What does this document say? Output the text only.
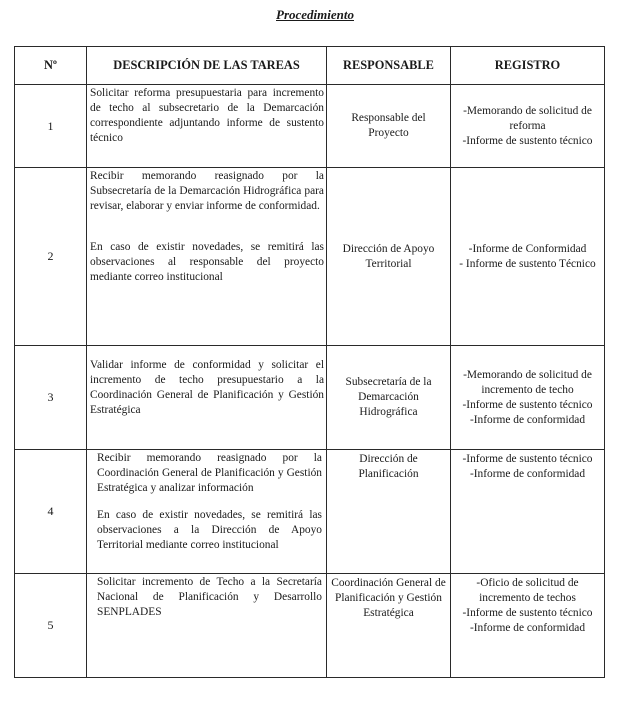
Procedimiento
Nº	DESCRIPCIÓN DE LAS TAREAS	RESPONSABLE	REGISTRO
1	Solicitar reforma presupuestaria para incremento de techo al subsecretario de la Demarcación correspondiente adjuntando informe de sustento técnico	Responsable del Proyecto	-Memorando de solicitud de reforma
-Informe de sustento técnico

2	Recibir memorando reasignado por la Subsecretaría de la Demarcación Hidrográfica para revisar, elaborar y enviar informe de conformidad.
En caso de existir novedades, se remitirá las observaciones al responsable del proyecto mediante correo institucional	Dirección de Apoyo Territorial	-Informe de Conformidad
- Informe de sustento Técnico

3	Validar informe de conformidad y solicitar el incremento de techo presupuestario a la Coordinación General de Planificación y Gestión Estratégica	Subsecretaría de la Demarcación Hidrográfica	-Memorando de solicitud de incremento de techo
-Informe de sustento técnico
-Informe de conformidad

4	Recibir memorando reasignado por la Coordinación General de Planificación y Gestión Estratégica y analizar información
En caso de existir novedades, se remitirá las observaciones a la Dirección de Apoyo Territorial mediante correo institucional	Dirección de Planificación	-Informe de sustento técnico
-Informe de conformidad

5	Solicitar incremento de Techo a la Secretaría Nacional de Planificación y Desarrollo SENPLADES	Coordinación General de Planificación y Gestión Estratégica	-Oficio de solicitud de incremento de techos
-Informe de sustento técnico
-Informe de conformidad
